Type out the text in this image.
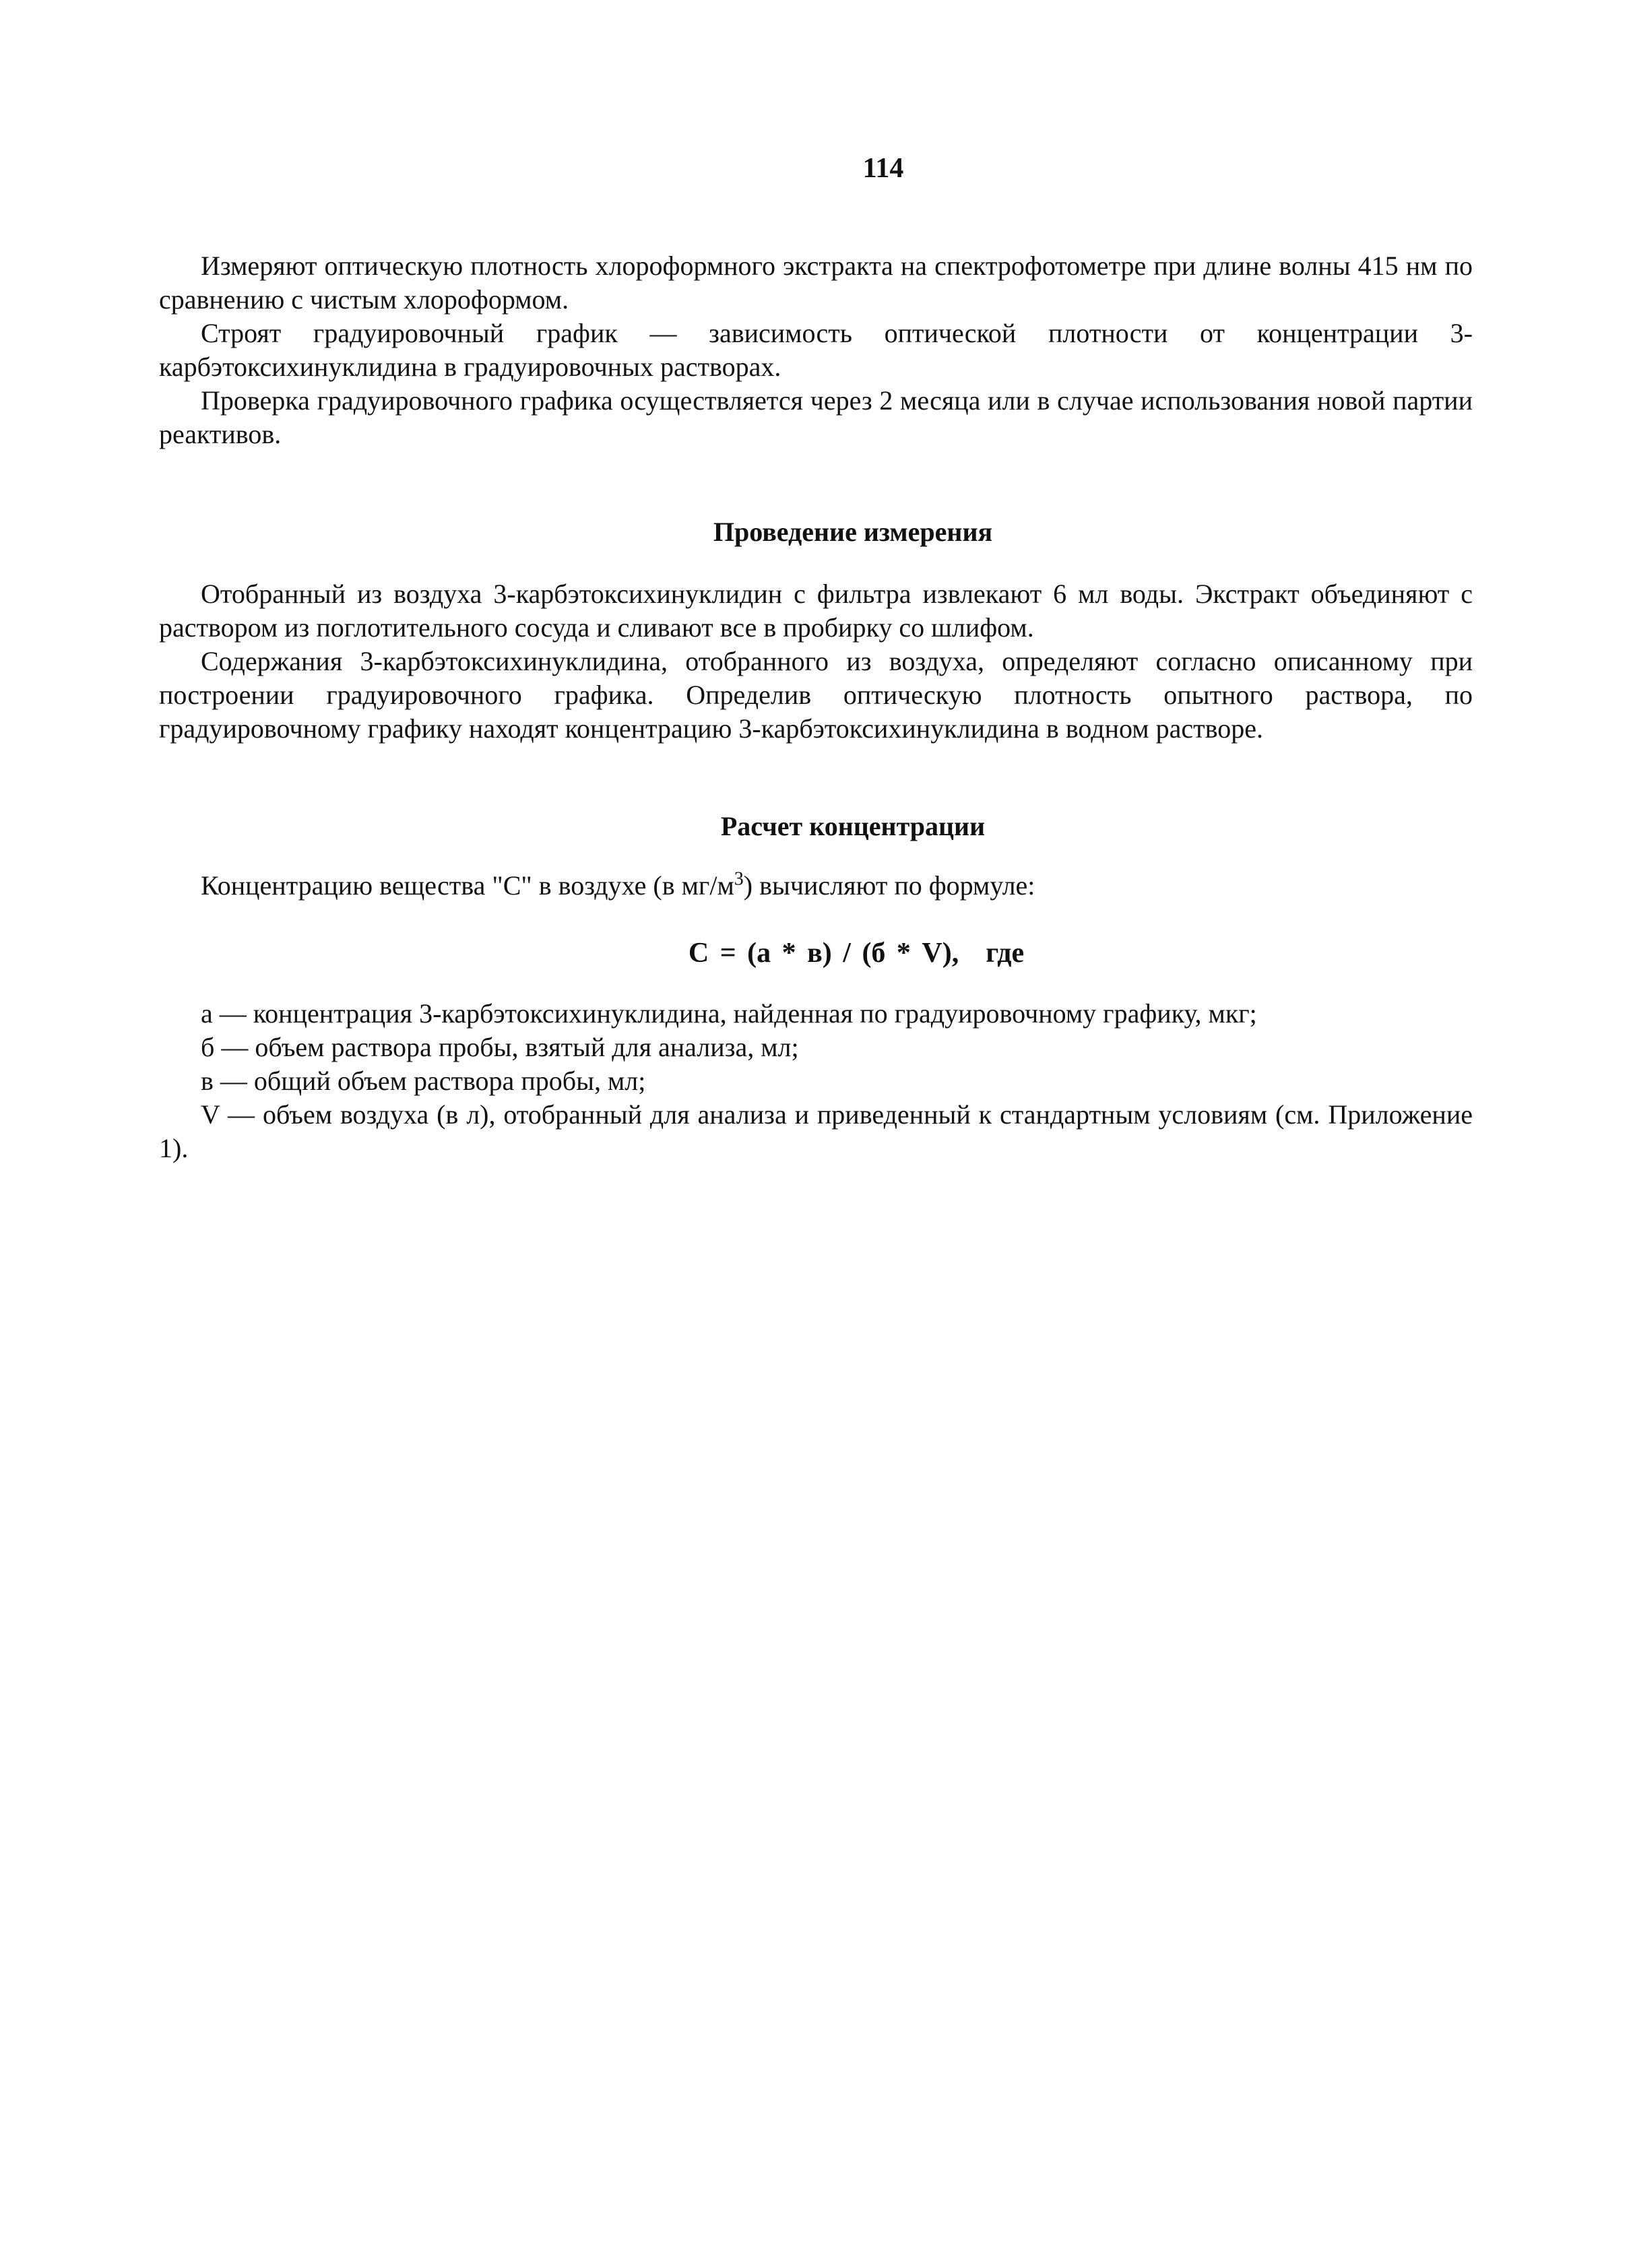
114

Измеряют оптическую плотность хлороформного экстракта на спектрофотометре при длине волны 415 нм по сравнению с чистым хлороформом.

Строят градуировочный график — зависимость оптической плотности от концентрации 3-карбэтоксихинуклидина в градуировочных растворах.

Проверка градуировочного графика осуществляется через 2 месяца или в случае использования новой партии реактивов.

Проведение измерения

Отобранный из воздуха 3-карбэтоксихинуклидин с фильтра извлекают 6 мл воды. Экстракт объединяют с раствором из поглотительного сосуда и сливают все в пробирку со шлифом.

Содержания 3-карбэтоксихинуклидина, отобранного из воздуха, определяют согласно описанному при построении градуировочного графика. Определив оптическую плотность опытного раствора, по градуировочному графику находят концентрацию 3-карбэтоксихинуклидина в водном растворе.

Расчет концентрации

Концентрацию вещества "С" в воздухе (в $мг/м^3$) вычисляют по формуле:

С = (а * в) / (б * V), где

а — концентрация 3-карбэтоксихинуклидина, найденная по градуировочному графику, мкг;

б — объем раствора пробы, взятый для анализа, мл;

в — общий объем раствора пробы, мл;

V — объем воздуха (в л), отобранный для анализа и приведенный к стандартным условиям (см. Приложение 1).
